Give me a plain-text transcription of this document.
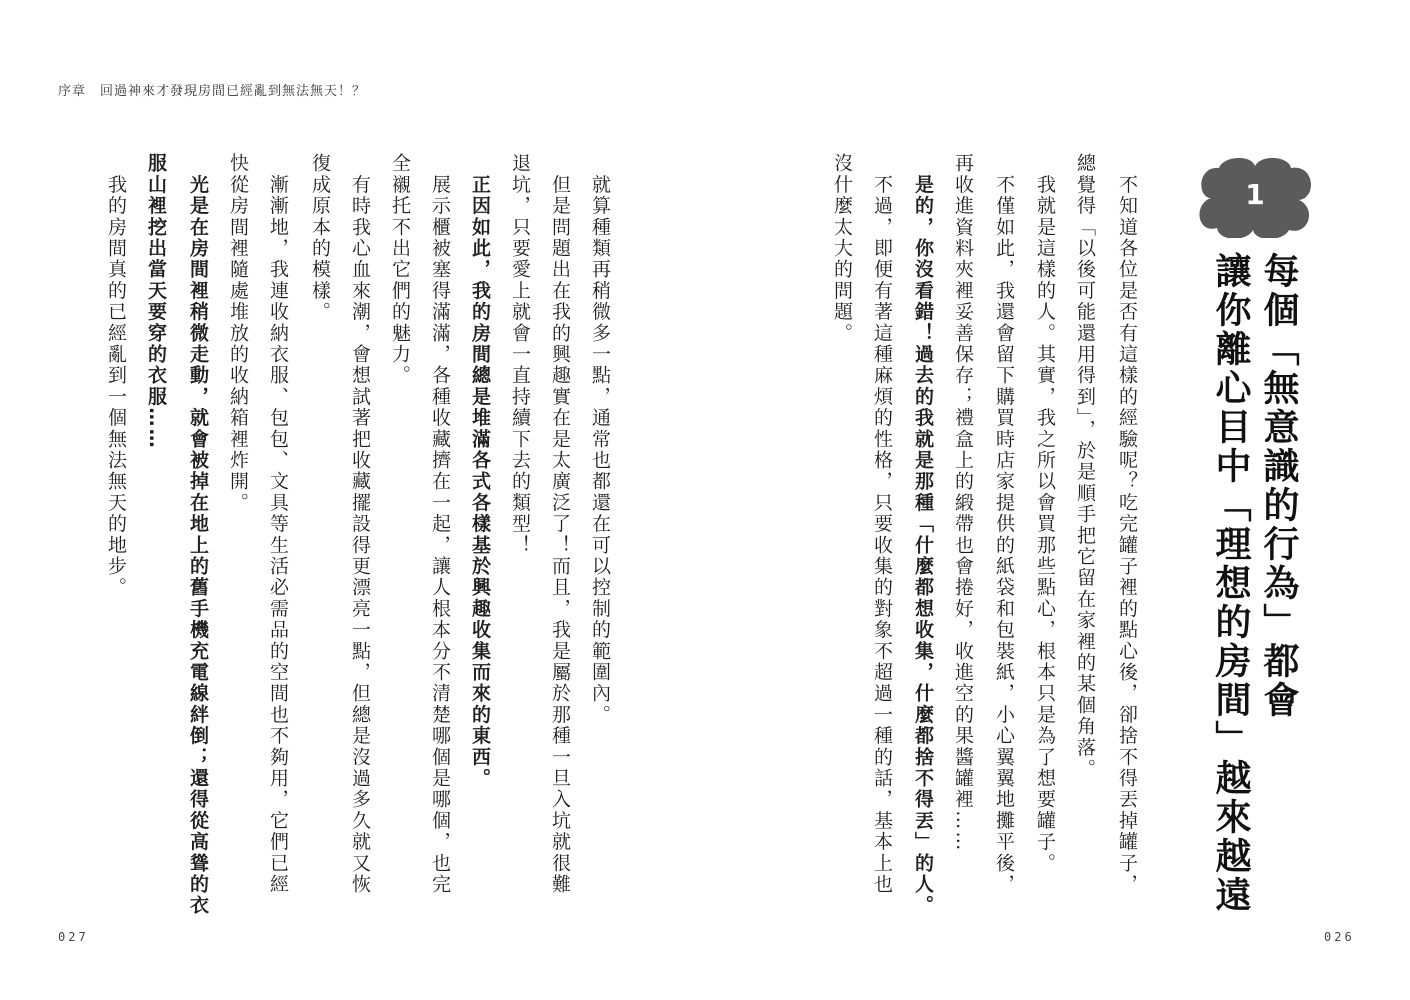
序章 回過神來才發現房間已經亂到無法無天！？
1
每個「無意識的行為」都會
讓你離心目中「理想的房間」越來越遠
　不知道各位是否有這樣的經驗呢？吃完罐子裡的點心後，卻捨不得丟掉罐子，
總覺得「以後可能還用得到」，於是順手把它留在家裡的某個角落。
　我就是這樣的人。其實，我之所以會買那些點心，根本只是為了想要罐子。
　不僅如此，我還會留下購買時店家提供的紙袋和包裝紙，小心翼翼地攤平後，
再收進資料夾裡妥善保存；禮盒上的緞帶也會捲好，收進空的果醬罐裡……
　是的，你沒看錯！過去的我就是那種「什麼都想收集，什麼都捨不得丟」的人。
　不過，即便有著這種麻煩的性格，只要收集的對象不超過一種的話，基本上也
沒什麼太大的問題。
　就算種類再稍微多一點，通常也都還在可以控制的範圍內。
　但是問題出在我的興趣實在是太廣泛了！而且，我是屬於那種一旦入坑就很難
退坑，只要愛上就會一直持續下去的類型！
　正因如此，我的房間總是堆滿各式各樣基於興趣收集而來的東西。
　展示櫃被塞得滿滿，各種收藏擠在一起，讓人根本分不清楚哪個是哪個，也完
全襯托不出它們的魅力。
　有時我心血來潮，會想試著把收藏擺設得更漂亮一點，但總是沒過多久就又恢
復成原本的模樣。
　漸漸地，我連收納衣服、包包、文具等生活必需品的空間也不夠用，它們已經
快從房間裡隨處堆放的收納箱裡炸開。
　光是在房間裡稍微走動，就會被掉在地上的舊手機充電線絆倒；還得從高聳的衣
服山裡挖出當天要穿的衣服……
　我的房間真的已經亂到一個無法無天的地步。
027	026
